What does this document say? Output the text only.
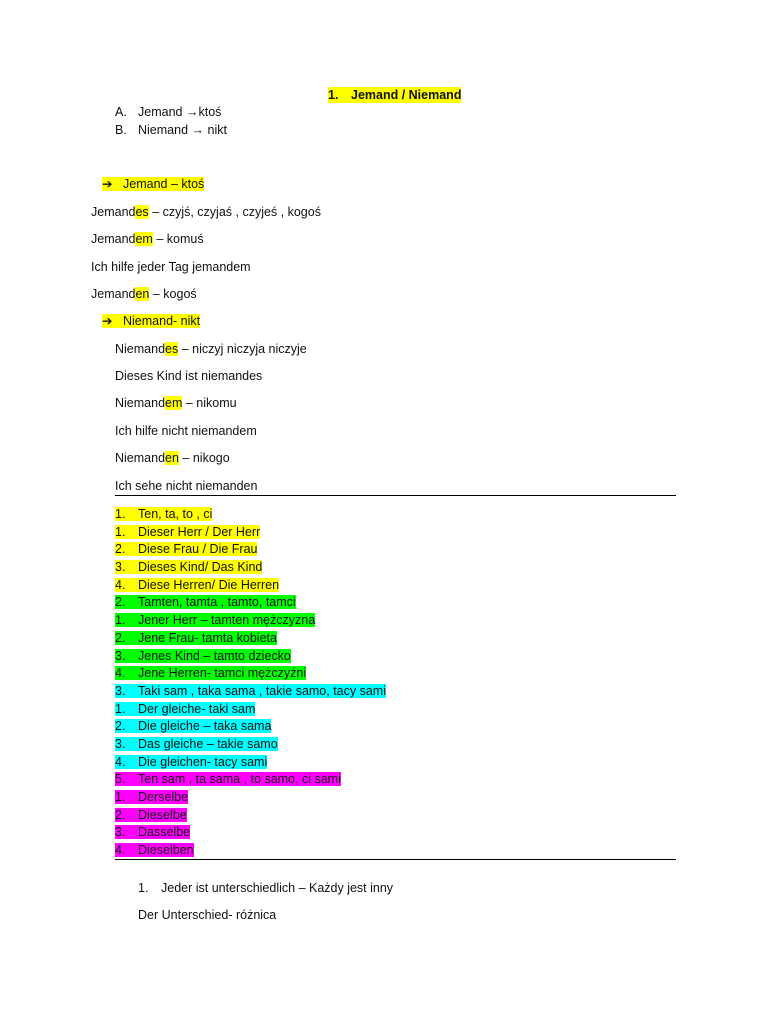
1. Jemand / Niemand
A. Jemand →ktoś
B. Niemand → nikt
➔ Jemand – ktoś
Jemandes – czyjś, czyjaś , czyjeś , kogoś
Jemandem – komuś
Ich hilfe jeder Tag jemandem
Jemanden – kogoś
➔ Niemand- nikt
Niemandes – niczyj niczyja niczyje
Dieses Kind ist niemandes
Niemandem – nikomu
Ich hilfe nicht niemandem
Niemanden – nikogo
Ich sehe nicht niemanden
1. Ten, ta, to , ci
1. Dieser Herr / Der Herr
2. Diese Frau / Die Frau
3. Dieses Kind/ Das Kind
4. Diese Herren/ Die Herren
2. Tamten, tamta , tamto, tamci
1. Jener Herr – tamten mężczyzna
2. Jene Frau- tamta kobieta
3. Jenes Kind – tamto dziecko
4. Jene Herren- tamci mężczyźni
3. Taki sam , taka sama , takie samo, tacy sami
1. Der gleiche- taki sam
2. Die gleiche – taka sama
3. Das gleiche – takie samo
4. Die gleichen- tacy sami
5. Ten sam , ta sama , to samo, ci sami
1. Derselbe
2. Dieselbe
3. Dasselbe
4. Dieselben
1. Jeder ist unterschiedlich – Każdy jest inny
Der Unterschied- różnica
